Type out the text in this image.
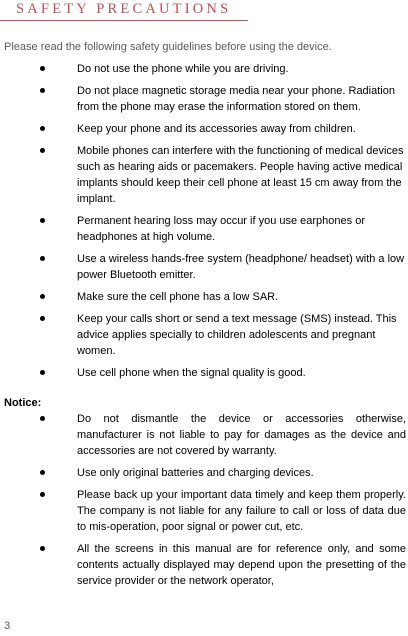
SAFETY PRECAUTIONS

Please read the following safety guidelines before using the device.

Do not use the phone while you are driving.
Do not place magnetic storage media near your phone. Radiation from the phone may erase the information stored on them.
Keep your phone and its accessories away from children.
Mobile phones can interfere with the functioning of medical devices such as hearing aids or pacemakers. People having active medical implants should keep their cell phone at least 15 cm away from the implant.
Permanent hearing loss may occur if you use earphones or headphones at high volume.
Use a wireless hands-free system (headphone/ headset) with a low power Bluetooth emitter.
Make sure the cell phone has a low SAR.
Keep your calls short or send a text message (SMS) instead. This advice applies specially to children adolescents and pregnant women.
Use cell phone when the signal quality is good.

Notice:

Do not dismantle the device or accessories otherwise, manufacturer is not liable to pay for damages as the device and accessories are not covered by warranty.
Use only original batteries and charging devices.
Please back up your important data timely and keep them properly. The company is not liable for any failure to call or loss of data due to mis-operation, poor signal or power cut, etc.
All the screens in this manual are for reference only, and some contents actually displayed may depend upon the presetting of the service provider or the network operator,

3
